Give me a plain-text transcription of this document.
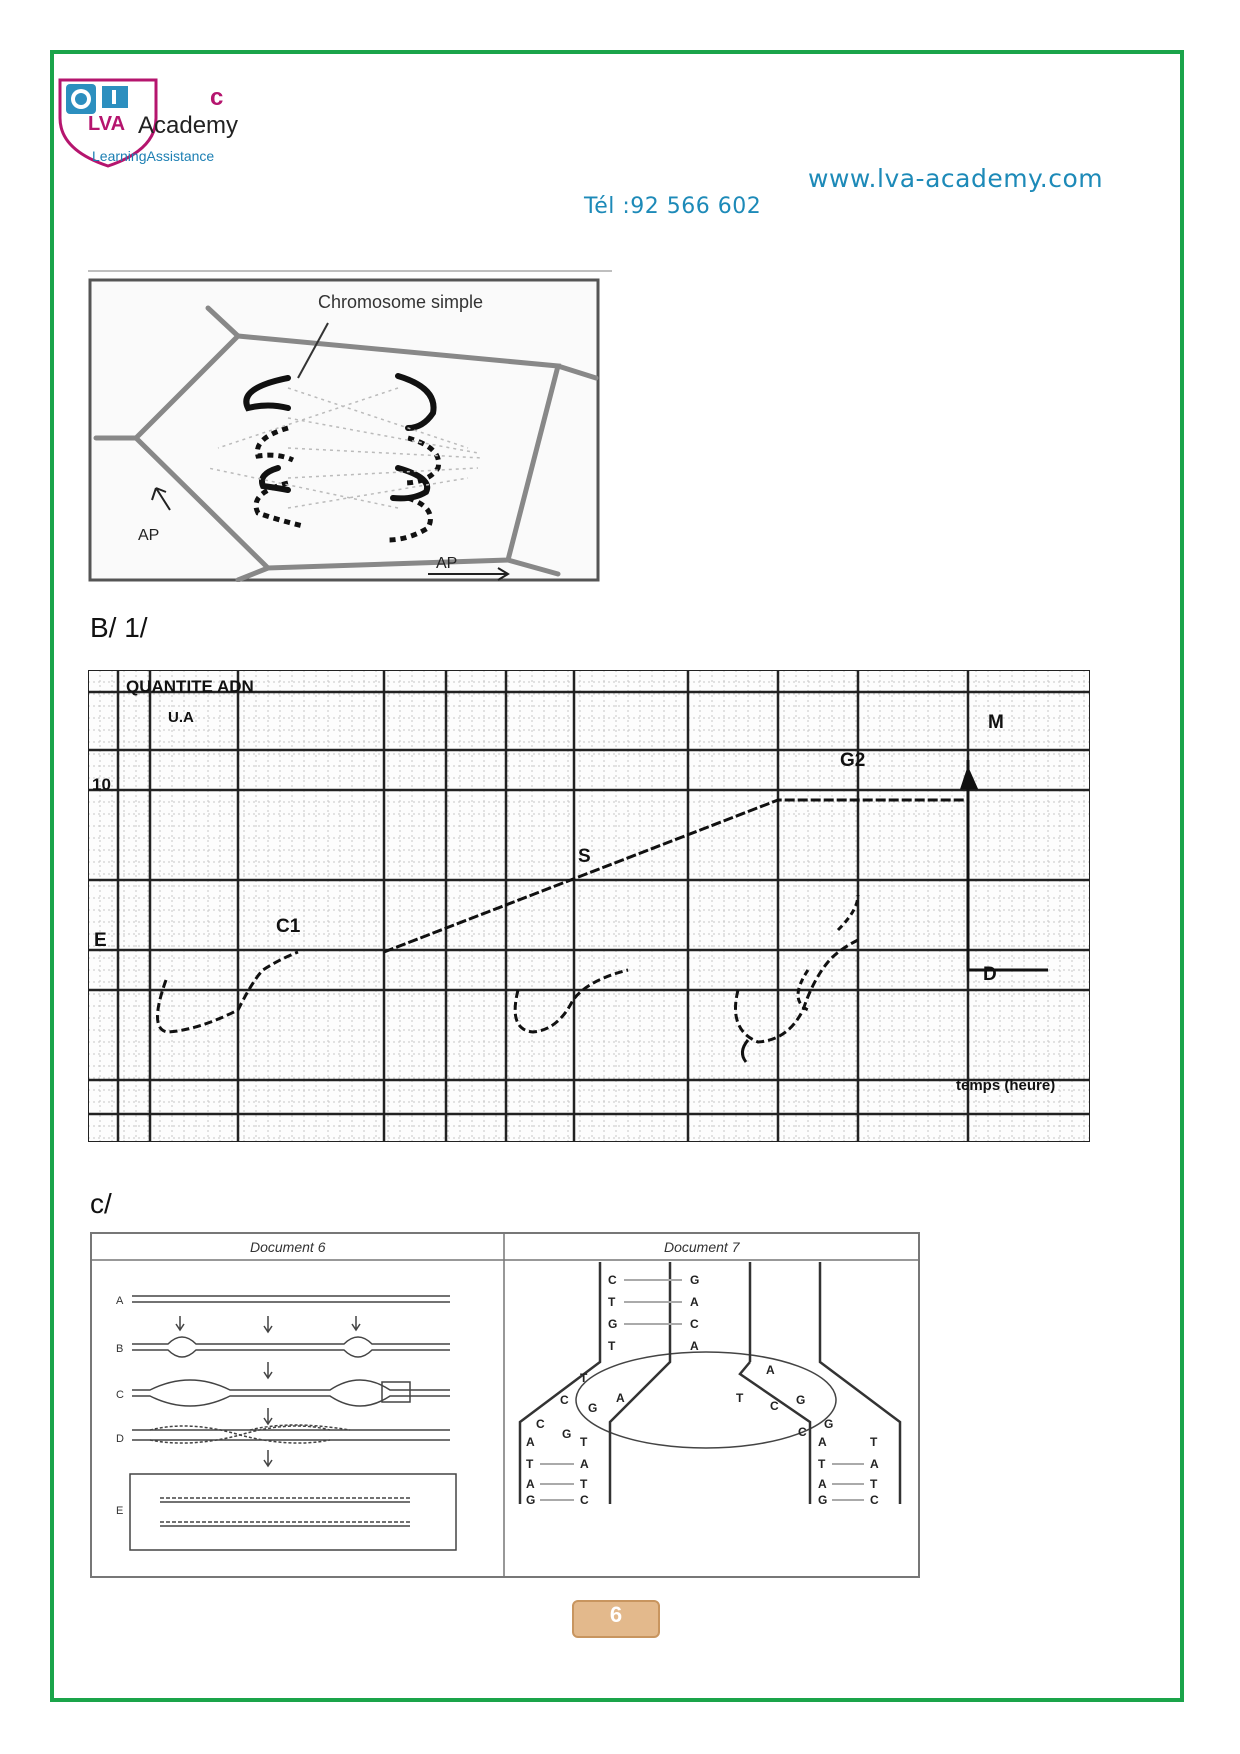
LVA
c
Academy
LearningAssistance
www.lva-academy.com
Tél :92 566 602
Chromosome simple
AP
AP
B/ 1/
QUANTITE ADN
U.A
10
E
C1
S
G2
M
D
temps (heure)
c/
Document 6	Document 7
A
B
C
D
E
C	G
T	A
G	C
T	A
T
A
C
G
C
G
A
T	G
C
G
C
A	T
T	A
A	T
G	C
A	T
T	A
A	T
G	C
6
